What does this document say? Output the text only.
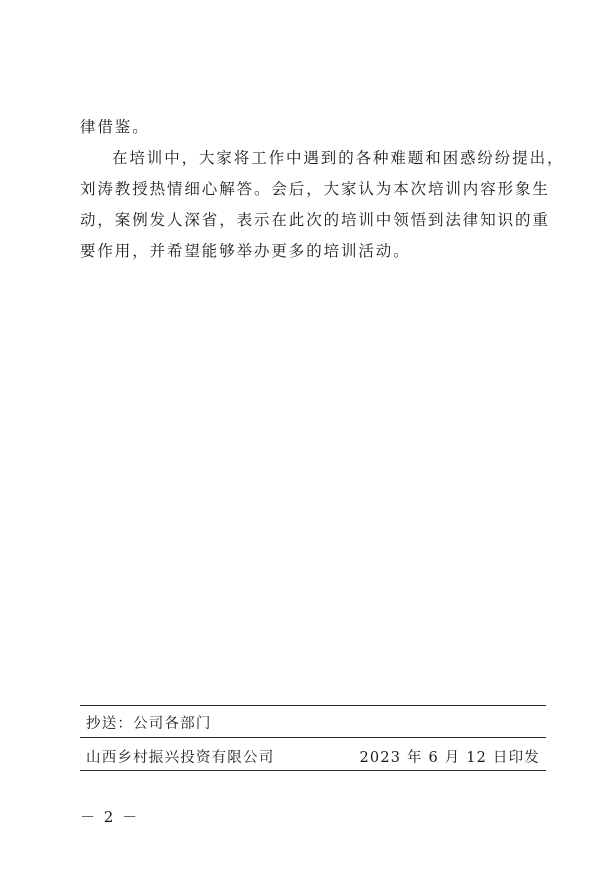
律借鉴。
在培训中，大家将工作中遇到的各种难题和困惑纷纷提出，
刘涛教授热情细心解答。会后，大家认为本次培训内容形象生
动，案例发人深省，表示在此次的培训中领悟到法律知识的重
要作用，并希望能够举办更多的培训活动。
抄送：公司各部门
山西乡村振兴投资有限公司	2023 年 6 月 12 日印发
－ 2 －
